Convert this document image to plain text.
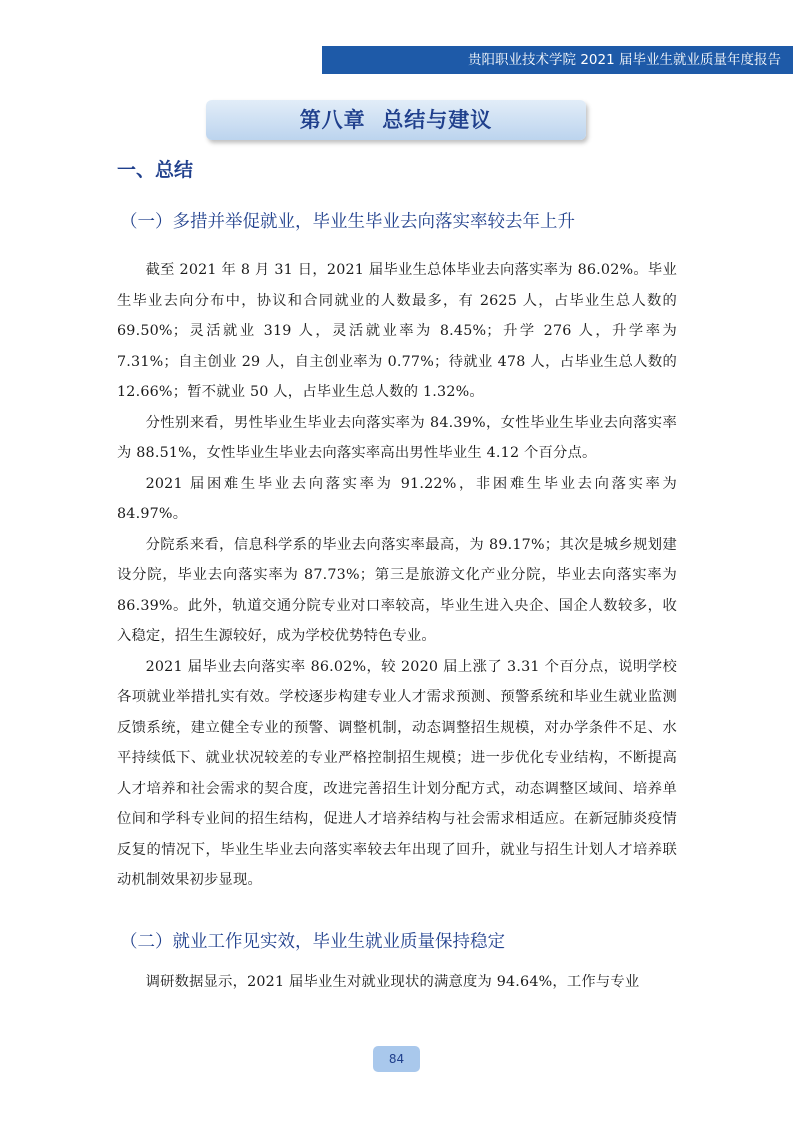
贵阳职业技术学院 2021 届毕业生就业质量年度报告
第八章  总结与建议
一、总结
（一）多措并举促就业，毕业生毕业去向落实率较去年上升

截至 2021 年 8 月 31 日，2021 届毕业生总体毕业去向落实率为 86.02%。毕业生毕业去向分布中，协议和合同就业的人数最多，有 2625 人，占毕业生总人数的 69.50%；灵活就业 319 人，灵活就业率为 8.45%；升学 276 人，升学率为 7.31%；自主创业 29 人，自主创业率为 0.77%；待就业 478 人，占毕业生总人数的 12.66%；暂不就业 50 人，占毕业生总人数的 1.32%。

分性别来看，男性毕业生毕业去向落实率为 84.39%，女性毕业生毕业去向落实率为 88.51%，女性毕业生毕业去向落实率高出男性毕业生 4.12 个百分点。

2021 届困难生毕业去向落实率为 91.22%，非困难生毕业去向落实率为 84.97%。

分院系来看，信息科学系的毕业去向落实率最高，为 89.17%；其次是城乡规划建设分院，毕业去向落实率为 87.73%；第三是旅游文化产业分院，毕业去向落实率为 86.39%。此外，轨道交通分院专业对口率较高，毕业生进入央企、国企人数较多，收入稳定，招生生源较好，成为学校优势特色专业。

2021 届毕业去向落实率 86.02%，较 2020 届上涨了 3.31 个百分点，说明学校各项就业举措扎实有效。学校逐步构建专业人才需求预测、预警系统和毕业生就业监测反馈系统，建立健全专业的预警、调整机制，动态调整招生规模，对办学条件不足、水平持续低下、就业状况较差的专业严格控制招生规模；进一步优化专业结构，不断提高人才培养和社会需求的契合度，改进完善招生计划分配方式，动态调整区域间、培养单位间和学科专业间的招生结构，促进人才培养结构与社会需求相适应。在新冠肺炎疫情反复的情况下，毕业生毕业去向落实率较去年出现了回升，就业与招生计划人才培养联动机制效果初步显现。

（二）就业工作见实效，毕业生就业质量保持稳定

调研数据显示，2021 届毕业生对就业现状的满意度为 94.64%，工作与专业

84
